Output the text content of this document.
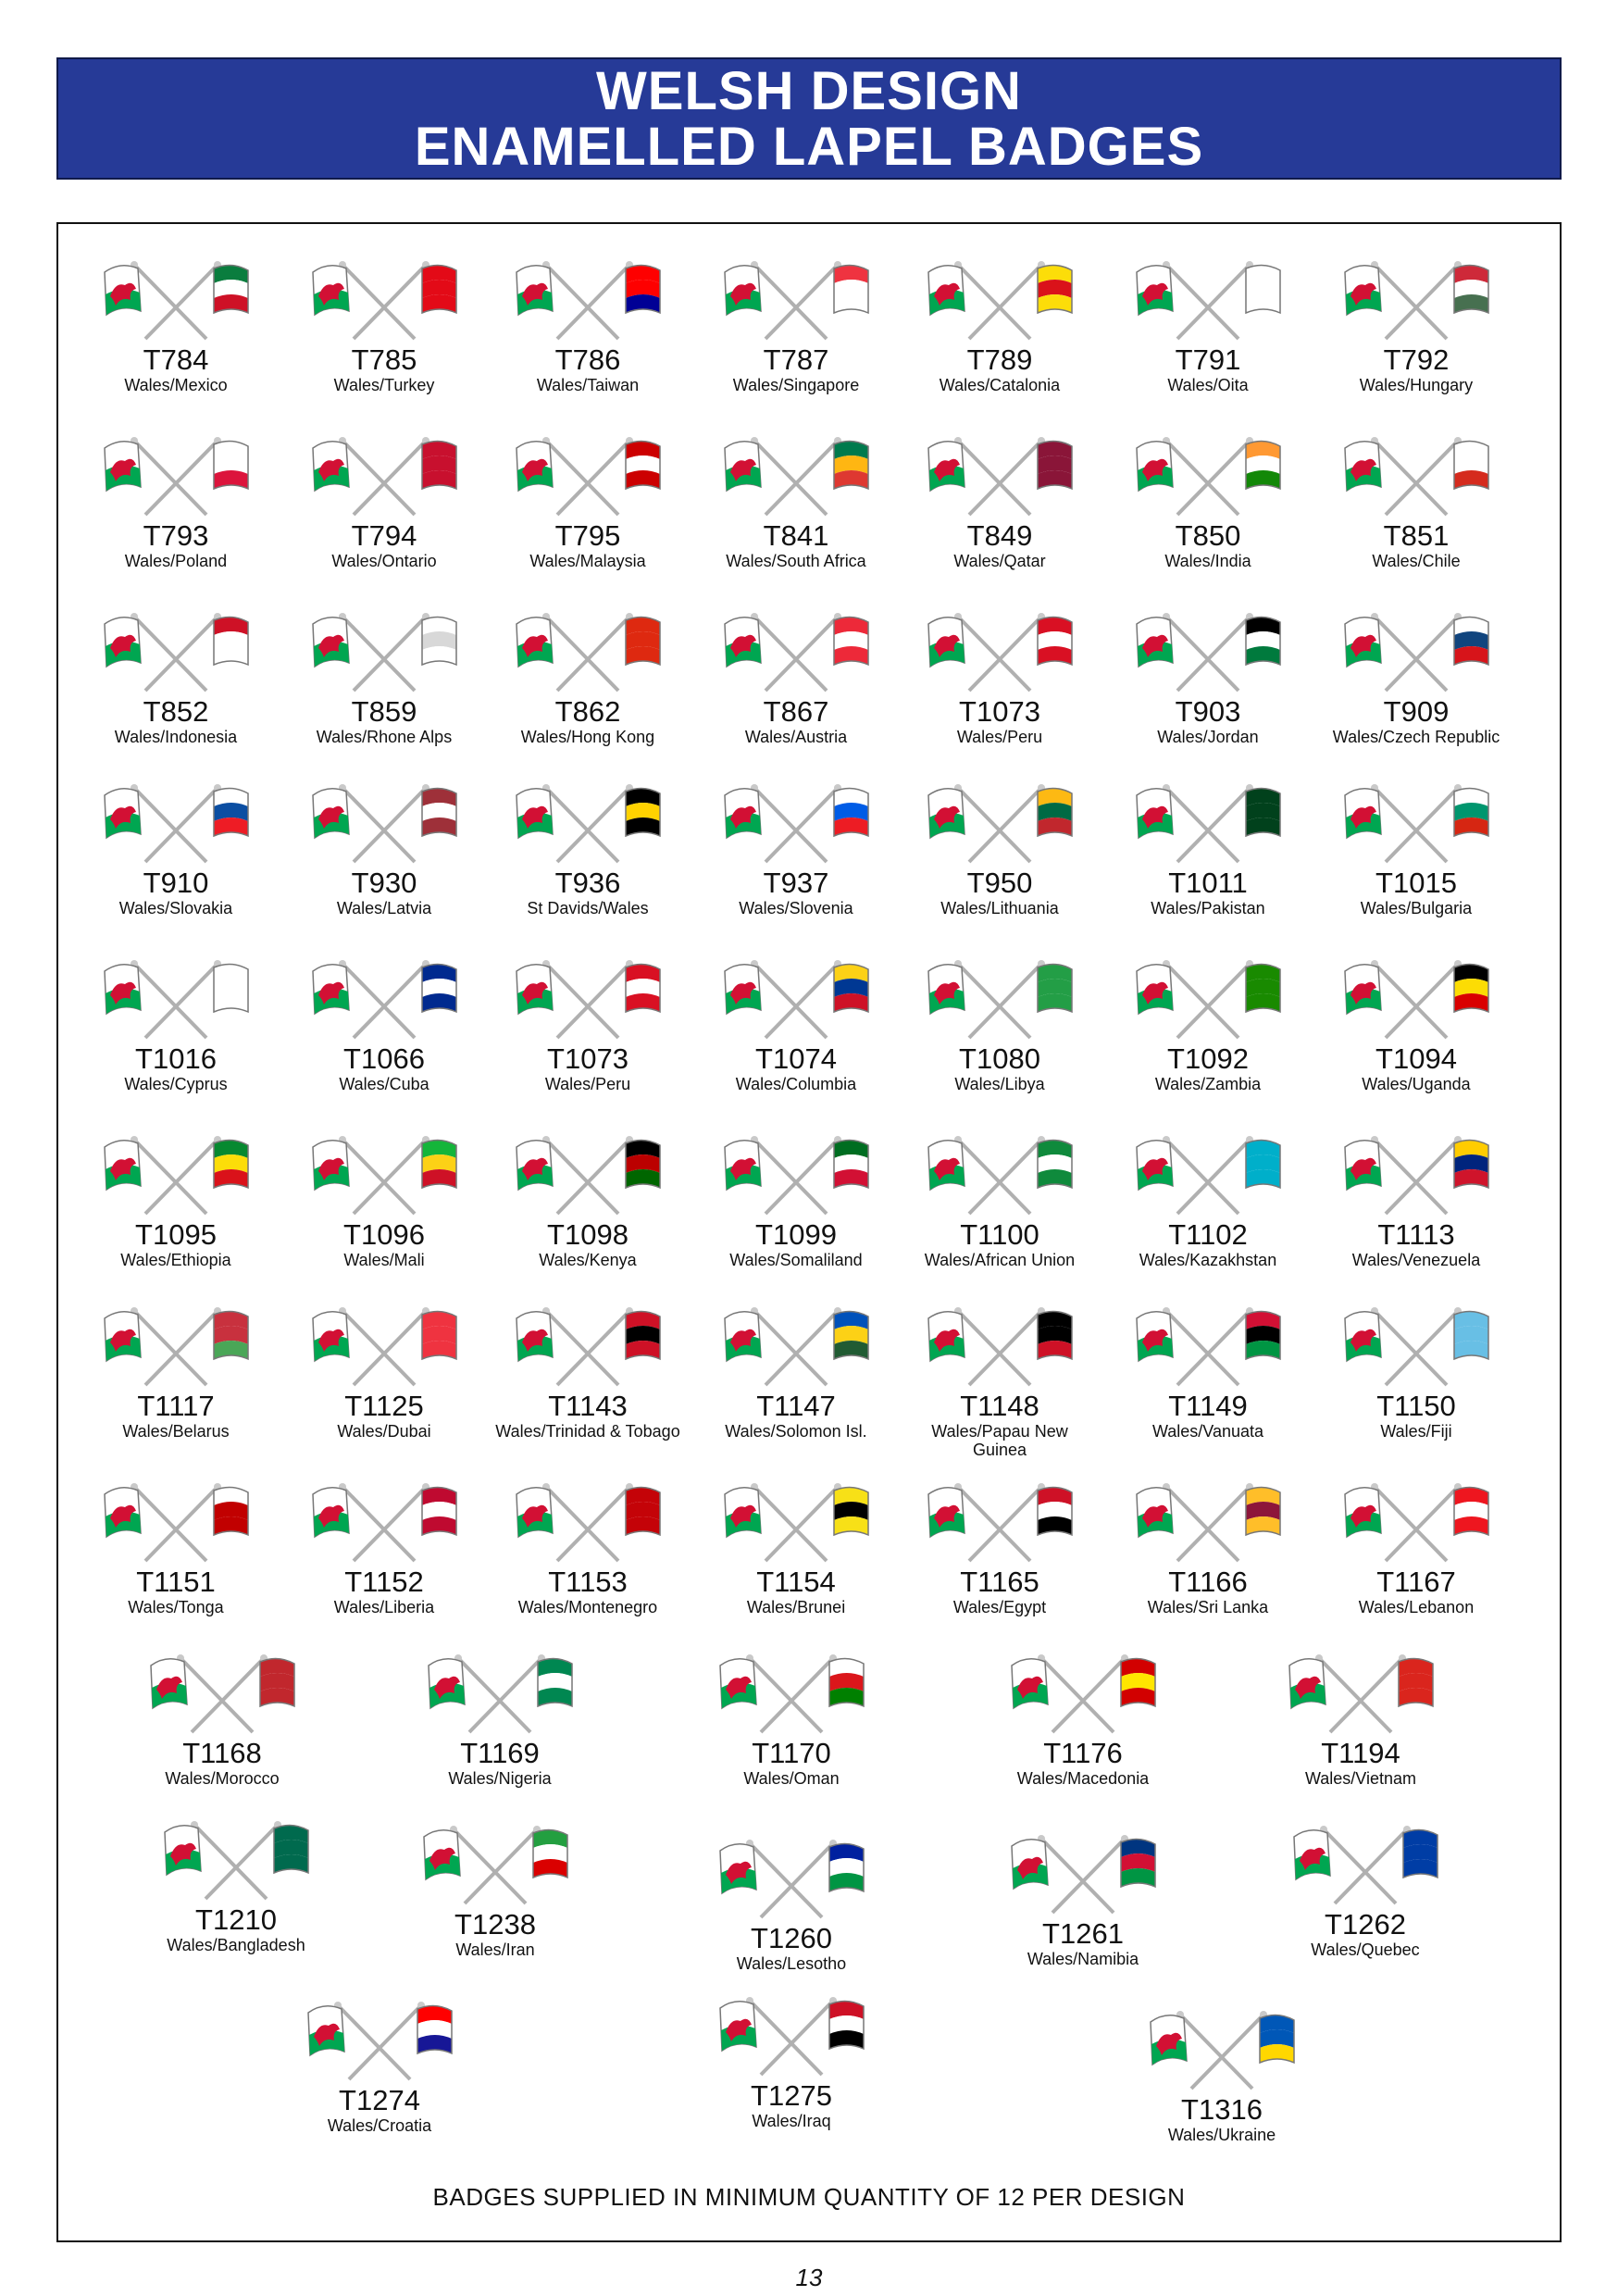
WELSH DESIGN
ENAMELLED LAPEL BADGES
T784
Wales/Mexico
T785
Wales/Turkey
T786
Wales/Taiwan
T787
Wales/Singapore
T789
Wales/Catalonia
T791
Wales/Oita
T792
Wales/Hungary
T793
Wales/Poland
T794
Wales/Ontario
T795
Wales/Malaysia
T841
Wales/South Africa
T849
Wales/Qatar
T850
Wales/India
T851
Wales/Chile
T852
Wales/Indonesia
T859
Wales/Rhone Alps
T862
Wales/Hong Kong
T867
Wales/Austria
T1073
Wales/Peru
T903
Wales/Jordan
T909
Wales/Czech Republic
T910
Wales/Slovakia
T930
Wales/Latvia
T936
St Davids/Wales
T937
Wales/Slovenia
T950
Wales/Lithuania
T1011
Wales/Pakistan
T1015
Wales/Bulgaria
T1016
Wales/Cyprus
T1066
Wales/Cuba
T1073
Wales/Peru
T1074
Wales/Columbia
T1080
Wales/Libya
T1092
Wales/Zambia
T1094
Wales/Uganda
T1095
Wales/Ethiopia
T1096
Wales/Mali
T1098
Wales/Kenya
T1099
Wales/Somaliland
T1100
Wales/African Union
T1102
Wales/Kazakhstan
T1113
Wales/Venezuela
T1117
Wales/Belarus
T1125
Wales/Dubai
T1143
Wales/Trinidad & Tobago
T1147
Wales/Solomon Isl.
T1148
Wales/Papau New Guinea
T1149
Wales/Vanuata
T1150
Wales/Fiji
T1151
Wales/Tonga
T1152
Wales/Liberia
T1153
Wales/Montenegro
T1154
Wales/Brunei
T1165
Wales/Egypt
T1166
Wales/Sri Lanka
T1167
Wales/Lebanon
T1168
Wales/Morocco
T1169
Wales/Nigeria
T1170
Wales/Oman
T1176
Wales/Macedonia
T1194
Wales/Vietnam
T1210
Wales/Bangladesh
T1238
Wales/Iran	T1260
Wales/Lesotho
T1261
Wales/Namibia
T1262
Wales/Quebec
T1274
Wales/Croatia
T1275
Wales/Iraq	T1316
Wales/Ukraine
BADGES SUPPLIED IN MINIMUM QUANTITY OF 12 PER DESIGN
13
